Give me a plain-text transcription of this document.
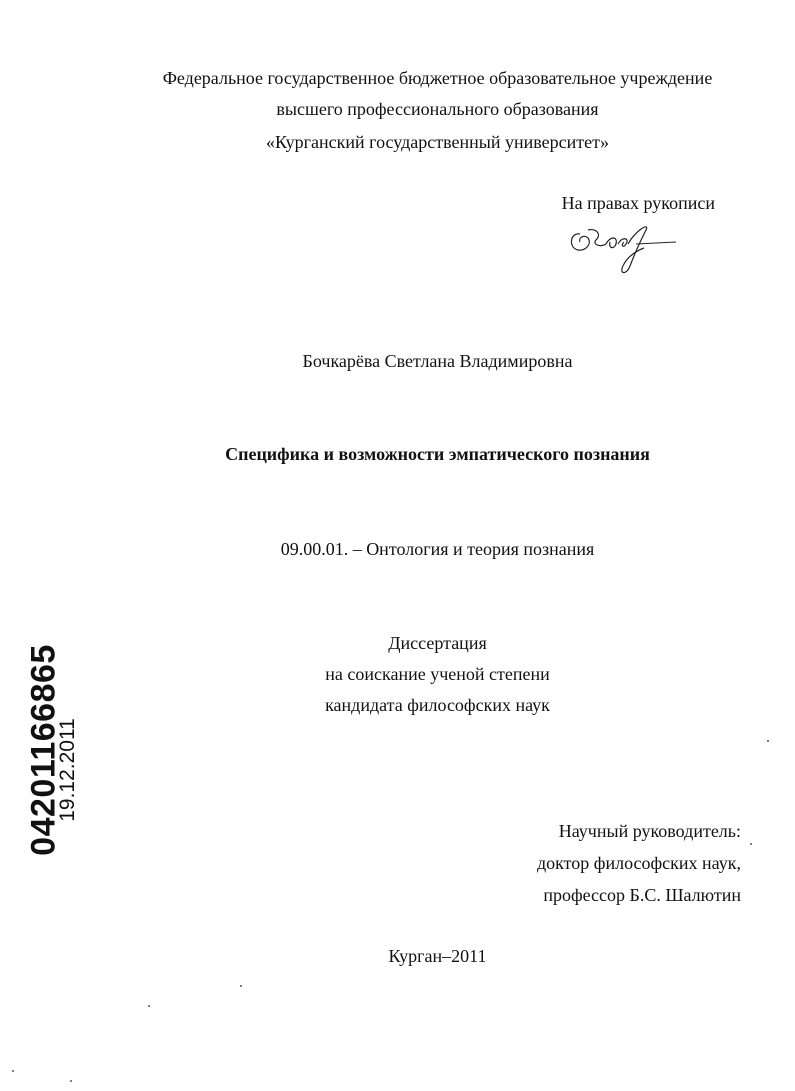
Федеральное государственное бюджетное образовательное учреждение
высшего профессионального образования
«Курганский государственный университет»
На правах рукописи
Бочкарёва Светлана Владимировна
Специфика и возможности эмпатического познания
09.00.01. – Онтология и теория познания
Диссертация
на соискание ученой степени
кандидата философских наук
Научный руководитель:
доктор философских наук,
профессор Б.С. Шалютин
Курган–2011
04201166865
19.12.2011
